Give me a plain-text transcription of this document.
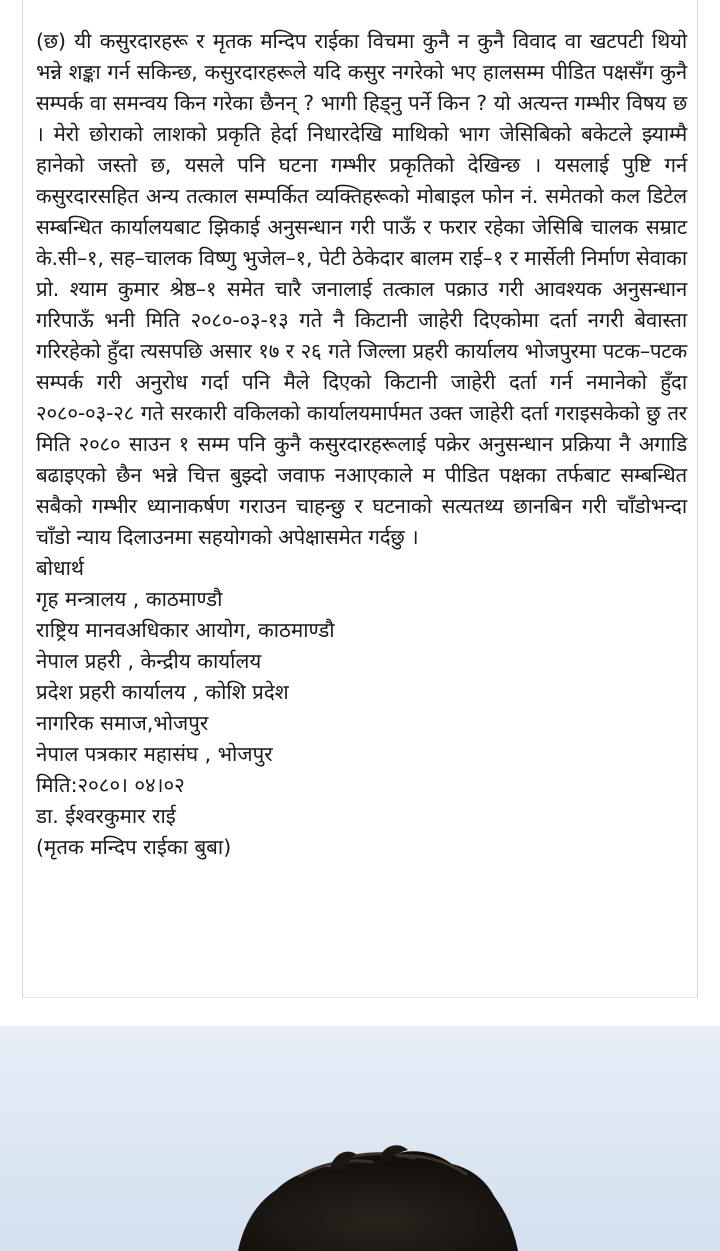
(छ) यी कसुरदारहरू र मृतक मन्दिप राईका विचमा कुनै न कुनै विवाद वा खटपटी थियो भन्ने शङ्का गर्न सकिन्छ, कसुरदारहरूले यदि कसुर नगरेको भए हालसम्म पीडित पक्षसँग कुनै सम्पर्क वा समन्वय किन गरेका छैनन् ? भागी हिड्नु पर्ने किन ? यो अत्यन्त गम्भीर विषय छ । मेरो छोराको लाशको प्रकृति हेर्दा निधारदेखि माथिको भाग जेसिबिको बकेटले झ्याम्मै हानेको जस्तो छ, यसले पनि घटना गम्भीर प्रकृतिको देखिन्छ । यसलाई पुष्टि गर्न कसुरदारसहित अन्य तत्काल सम्पर्कित व्यक्तिहरूको मोबाइल फोन नं. समेतको कल डिटेल सम्बन्धित कार्यालयबाट झिकाई अनुसन्धान गरी पाऊँ र फरार रहेका जेसिबि चालक सम्राट के.सी–१, सह–चालक विष्णु भुजेल–१, पेटी ठेकेदार बालम राई–१ र मार्सेली निर्माण सेवाका प्रो. श्याम कुमार श्रेष्ठ–१ समेत चारै जनालाई तत्काल पक्राउ गरी आवश्यक अनुसन्धान गरिपाऊँ भनी मिति २०८०-०३-१३ गते नै किटानी जाहेरी दिएकोमा दर्ता नगरी बेवास्ता गरिरहेको हुँदा त्यसपछि असार १७ र २६ गते जिल्ला प्रहरी कार्यालय भोजपुरमा पटक–पटक सम्पर्क गरी अनुरोध गर्दा पनि मैले दिएको किटानी जाहेरी दर्ता गर्न नमानेको हुँदा २०८०-०३-२८ गते सरकारी वकिलको कार्यालयमार्पमत उक्त जाहेरी दर्ता गराइसकेको छु तर मिति २०८० साउन १ सम्म पनि कुनै कसुरदारहरूलाई पक्रेर अनुसन्धान प्रक्रिया नै अगाडि बढाइएको छैन भन्ने चित्त बुझ्दो जवाफ नआएकाले म पीडित पक्षका तर्फबाट सम्बन्धित सबैको गम्भीर ध्यानाकर्षण गराउन चाहन्छु र घटनाको सत्यतथ्य छानबिन गरी चाँडोभन्दा चाँडो न्याय दिलाउनमा सहयोगको अपेक्षासमेत गर्दछु ।

बोधार्थ

गृह मन्त्रालय , काठमाण्डौ
राष्ट्रिय मानवअधिकार आयोग, काठमाण्डौ
नेपाल प्रहरी , केन्द्रीय कार्यालय
प्रदेश प्रहरी कार्यालय , कोशि प्रदेश
नागरिक समाज,भोजपुर
नेपाल पत्रकार महासंघ , भोजपुर

मिति:२०८०। ०४।०२

डा. ईश्वरकुमार राई

(मृतक मन्दिप राईका बुबा)
